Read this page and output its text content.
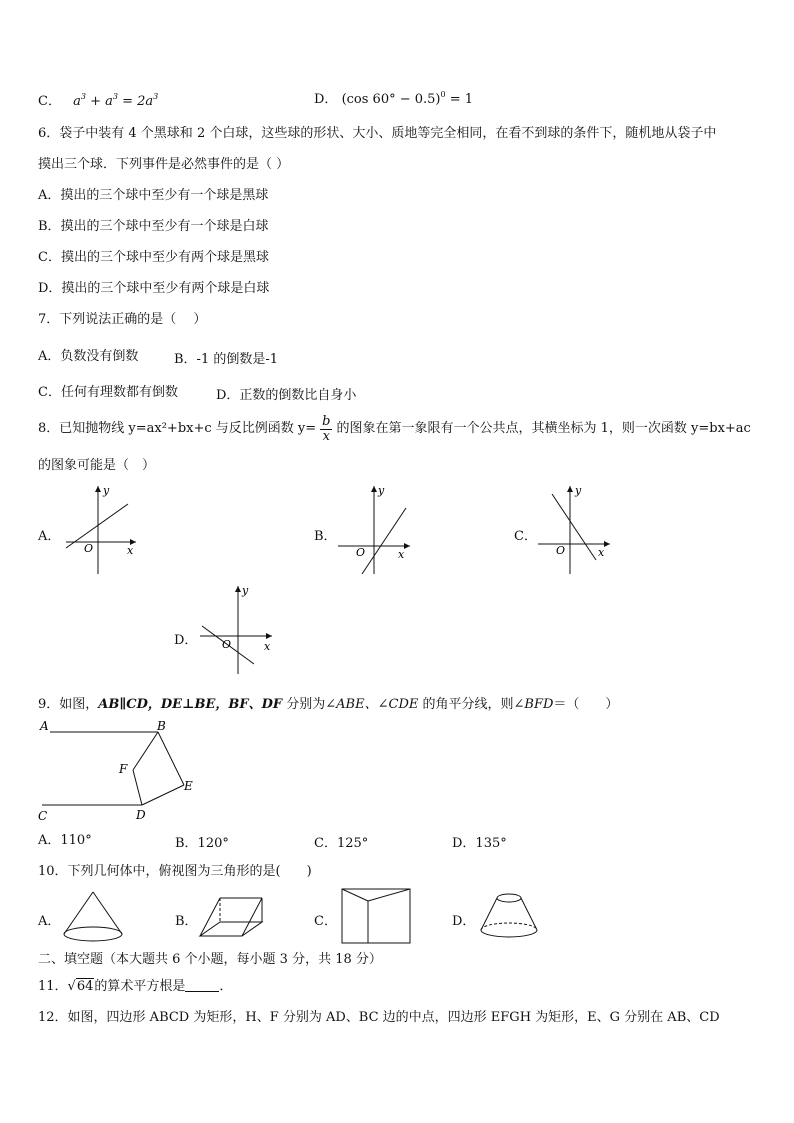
C． $a^3 + a^3 = 2a^3$	D． (cos 60° − 0.5)$^0$ = 1
6．袋子中装有 4 个黑球和 2 个白球，这些球的形状、大小、质地等完全相同，在看不到球的条件下，随机地从袋子中
摸出三个球．下列事件是必然事件的是（ ）
A．摸出的三个球中至少有一个球是黑球
B．摸出的三个球中至少有一个球是白球
C．摸出的三个球中至少有两个球是黑球
D．摸出的三个球中至少有两个球是白球
7．下列说法正确的是（　 ）
A．负数没有倒数	B．-1 的倒数是-1
C．任何有理数都有倒数	D．正数的倒数比自身小
8．已知抛物线 y=ax²+bx+c 与反比例函数 $y= \frac{b}{x}$ 的图象在第一象限有一个公共点，其横坐标为 1，则一次函数 y=bx+ac
的图象可能是（　）
A．
y
x
O
B．
y
x
O
C．
y
x
O
D．
y
x
O
9．如图，AB∥CD，DE⊥BE，BF、DF 分别为∠ABE、∠CDE 的角平分线，则∠BFD＝（　　）
A	B
F
E
C	D
A．110°	B．120°	C．125°	D．135°
10．下列几何体中，俯视图为三角形的是(　　)
A．	B．	C．	D．
二、填空题（本大题共 6 个小题，每小题 3 分，共 18 分）
11．√64的算术平方根是	．
12．如图，四边形 ABCD 为矩形，H、F 分别为 AD、BC 边的中点，四边形 EFGH 为矩形，E、G 分别在 AB、CD
